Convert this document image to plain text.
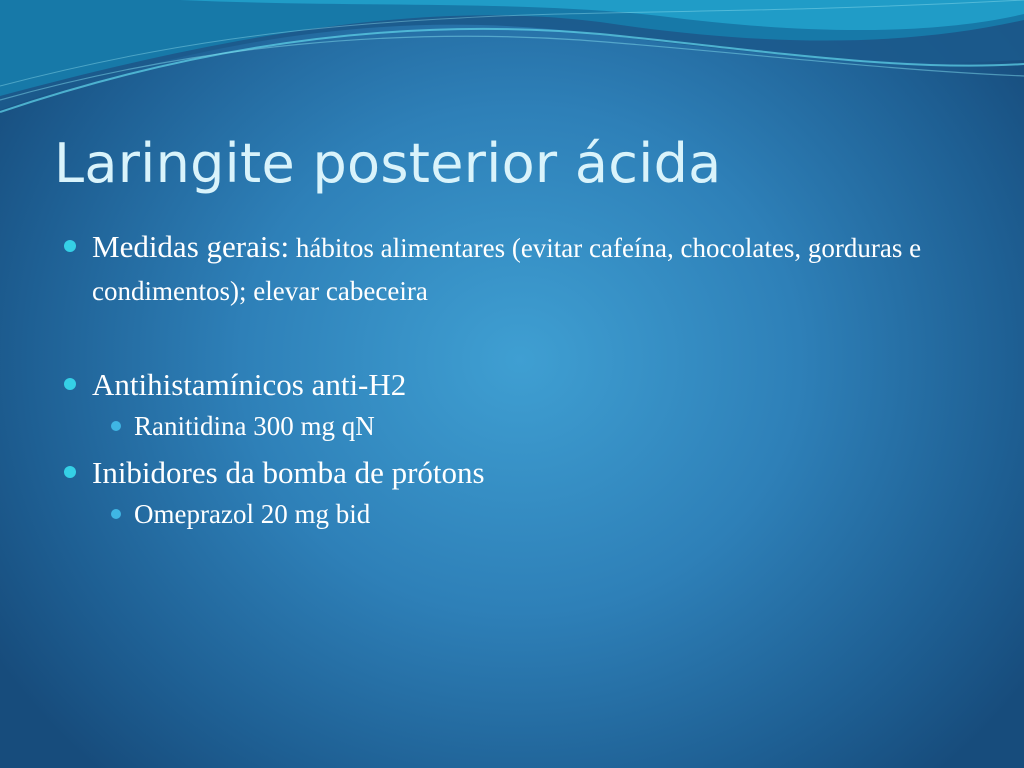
Laringite posterior ácida
Medidas gerais: hábitos alimentares (evitar cafeína, chocolates, gorduras e condimentos); elevar cabeceira
Antihistamínicos anti-H2
Ranitidina 300 mg qN
Inibidores da bomba de prótons
Omeprazol 20 mg bid
